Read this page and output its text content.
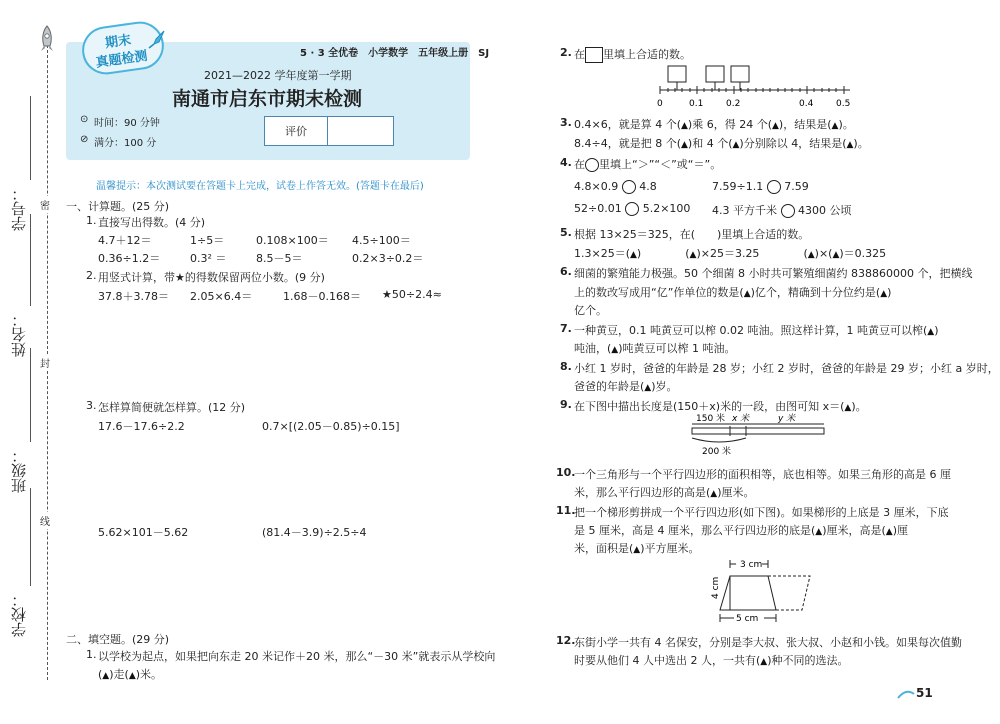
密
封
线
学号：
姓名：
班级：
学校：
期末
真题检测	5 · 3 全优卷　小学数学　五年级上册　SJ
2021—2022 学年度第一学期
南通市启东市期末检测
⊙ 时间：90 分钟
⊘ 满分：100 分
评价
温馨提示：本次测试要在答题卡上完成，试卷上作答无效。(答题卡在最后)
一、计算题。(25 分)
1. 直接写出得数。(4 分)
4.7＋12＝	1÷5＝	0.108×100＝ 4.5÷100＝
0.36÷1.2＝	0.3² ＝	8.5－5＝	0.2×3÷0.2＝
2. 用竖式计算，带★的得数保留两位小数。(9 分)
37.8＋3.78＝ 2.05×6.4＝	1.68－0.168＝ ★50÷2.4≈
3. 怎样算简便就怎样算。(12 分)
17.6－17.6÷2.2	0.7×[(2.05－0.85)÷0.15]
5.62×101－5.62	(81.4－3.9)÷2.5÷4
二、填空题。(29 分)
1. 以学校为起点，如果把向东走 20 米记作＋20 米，那么“－30 米”就表示从学校向
(▲)走(▲)米。
2. 在 里填上合适的数。
0	0.1	0.2	0.4	0.5
3. 0.4×6，就是算 4 个(▲)乘 6，得 24 个(▲)，结果是(▲)。
8.4÷4，就是把 8 个(▲)和 4 个(▲)分别除以 4，结果是(▲)。
4. 在 里填上“＞”“＜”或“＝”。
4.8×0.9 4.8	7.59÷1.1 7.59
52÷0.01 5.2×100 4.3 平方千米 4300 公顷
5. 根据 13×25＝325，在(　　)里填上合适的数。
1.3×25＝(▲)　　　　	(▲)×25＝3.25　　　　	(▲)×(▲)＝0.325
6. 细菌的繁殖能力极强。50 个细菌 8 小时共可繁殖细菌约 838860000 个，把横线
上的数改写成用“亿”作单位的数是(▲)亿个，精确到十分位约是(▲)
亿个。
7. 一种黄豆，0.1 吨黄豆可以榨 0.02 吨油。照这样计算，1 吨黄豆可以榨(▲)
吨油，(▲)吨黄豆可以榨 1 吨油。
8. 小红 1 岁时，爸爸的年龄是 28 岁；小红 2 岁时，爸爸的年龄是 29 岁；小红 a 岁时，
爸爸的年龄是(▲)岁。
9. 在下图中描出长度是(150＋x)米的一段，由图可知 x＝(▲)。
150 米 x 米	y 米
200 米
10.
一个三角形与一个平行四边形的面积相等，底也相等。如果三角形的高是 6 厘
米，那么平行四边形的高是(▲)厘米。
11.
把一个梯形剪拼成一个平行四边形(如下图)。如果梯形的上底是 3 厘米，下底
是 5 厘米，高是 4 厘米，那么平行四边形的底是(▲)厘米，高是(▲)厘
米，面积是(▲)平方厘米。
3 cm
4 cm
5 cm
12.
东街小学一共有 4 名保安，分别是李大叔、张大叔、小赵和小钱。如果每次值勤
时要从他们 4 人中选出 2 人，一共有(▲)种不同的选法。
51
